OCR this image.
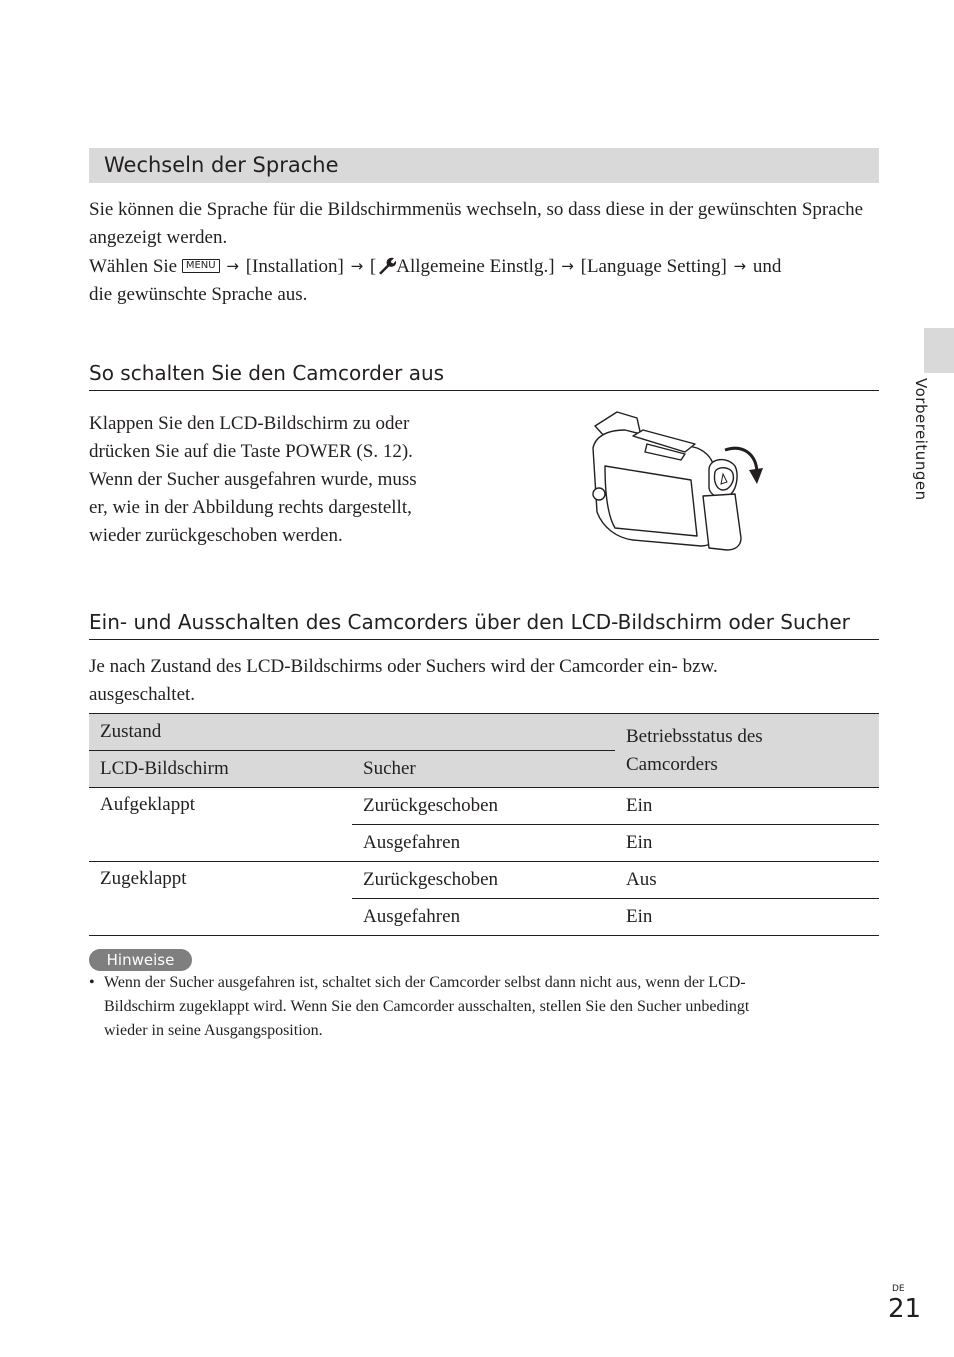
Wechseln der Sprache
Sie können die Sprache für die Bildschirmmenüs wechseln, so dass diese in der gewünschten Sprache angezeigt werden.
Wählen Sie MENU → [Installation] → [ Allgemeine Einstlg.] → [Language Setting] → und
die gewünschte Sprache aus.
So schalten Sie den Camcorder aus
Klappen Sie den LCD-Bildschirm zu oder
drücken Sie auf die Taste POWER (S. 12).
Wenn der Sucher ausgefahren wurde, muss
er, wie in der Abbildung rechts dargestellt,
wieder zurückgeschoben werden.
Ein- und Ausschalten des Camcorders über den LCD-Bildschirm oder Sucher
Je nach Zustand des LCD-Bildschirms oder Suchers wird der Camcorder ein- bzw.
ausgeschaltet.
Zustand		Betriebsstatus des
Camcorders

LCD-Bildschirm	Sucher	
Aufgeklappt	Zurückgeschoben	Ein
	Ausgefahren	Ein
Zugeklappt	Zurückgeschoben	Aus
	Ausgefahren	Ein

Hinweise
• Wenn der Sucher ausgefahren ist, schaltet sich der Camcorder selbst dann nicht aus, wenn der LCD-
Bildschirm zugeklappt wird. Wenn Sie den Camcorder ausschalten, stellen Sie den Sucher unbedingt
wieder in seine Ausgangsposition.
Vorbereitungen
DE
21
